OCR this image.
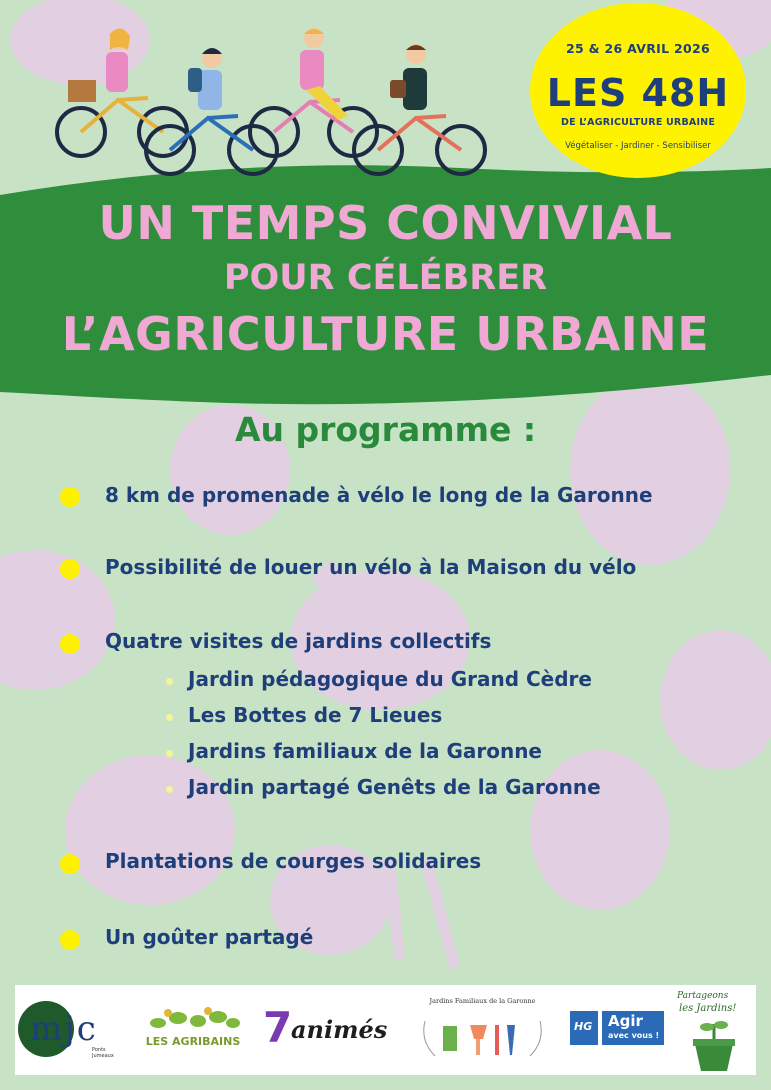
25 & 26 AVRIL 2026
LES 48H
DE L’AGRICULTURE URBAINE
Végétaliser - Jardiner - Sensibiliser
UN TEMPS CONVIVIAL
POUR CÉLÉBRER
L’AGRICULTURE URBAINE
Au programme :
8 km de promenade à vélo le long de la Garonne
Possibilité de louer un vélo à la Maison du vélo
Quatre visites de jardins collectifs
Jardin pédagogique du Grand Cèdre
Les Bottes de 7 Lieues
Jardins familiaux de la Garonne
Jardin partagé Genêts de la Garonne
Plantations de courges solidaires
Un goûter partagé
mjc
Ponts Jumeaux
LES AGRIBAINS 7
animés
Jardins Familiaux de la Garonne
HG Agir
avec vous !
Partageons
les Jardins!
